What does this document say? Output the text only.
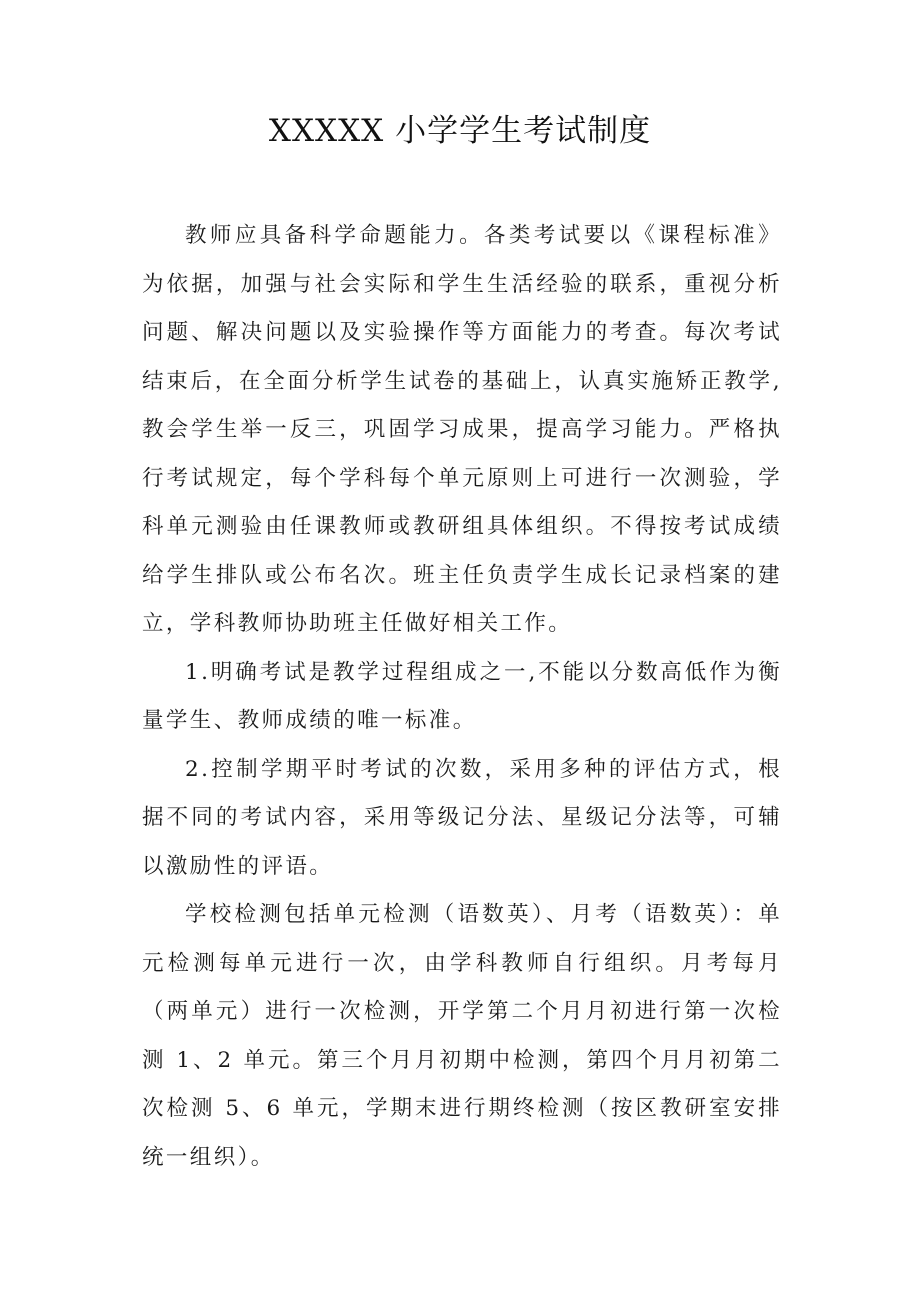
XXXXX 小学学生考试制度

教师应具备科学命题能力。各类考试要以《课程标准》为依据，加强与社会实际和学生生活经验的联系，重视分析问题、解决问题以及实验操作等方面能力的考查。每次考试结束后，在全面分析学生试卷的基础上，认真实施矫正教学,教会学生举一反三，巩固学习成果，提高学习能力。严格执行考试规定，每个学科每个单元原则上可进行一次测验，学科单元测验由任课教师或教研组具体组织。不得按考试成绩给学生排队或公布名次。班主任负责学生成长记录档案的建立，学科教师协助班主任做好相关工作。

1.明确考试是教学过程组成之一,不能以分数高低作为衡量学生、教师成绩的唯一标准。

2.控制学期平时考试的次数，采用多种的评估方式，根据不同的考试内容，采用等级记分法、星级记分法等，可辅以激励性的评语。

学校检测包括单元检测（语数英）、月考（语数英）：单元检测每单元进行一次，由学科教师自行组织。月考每月（两单元）进行一次检测，开学第二个月月初进行第一次检测 1、2 单元。第三个月月初期中检测，第四个月月初第二次检测 5、6 单元，学期末进行期终检测（按区教研室安排统一组织）。
